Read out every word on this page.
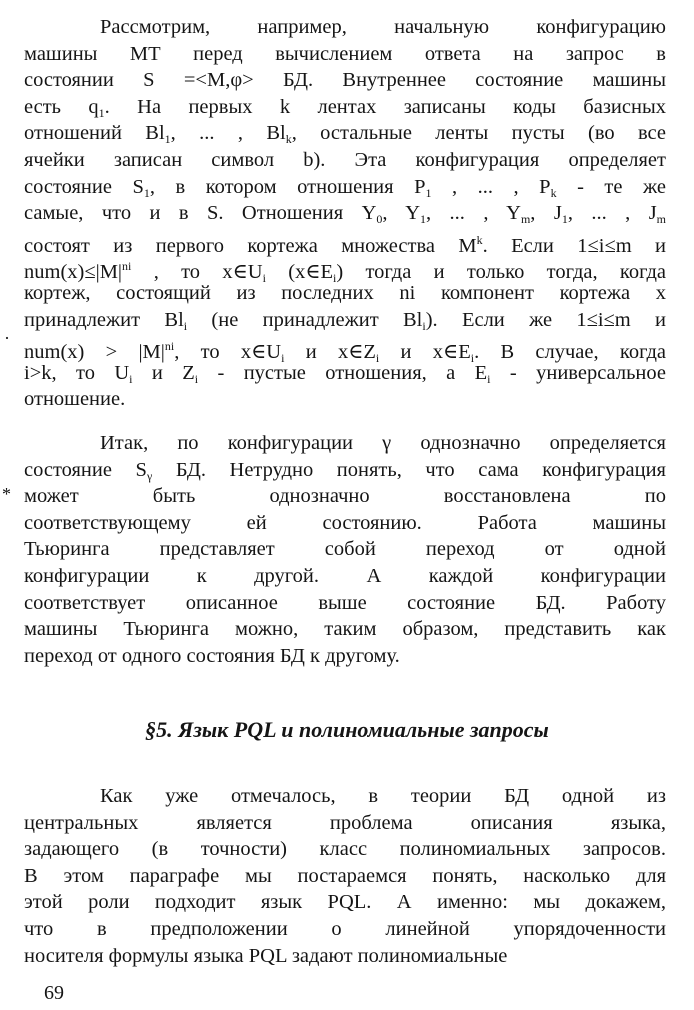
Рассмотрим, например, начальную конфигурацию
машины МТ перед вычислением ответа на запрос в
состоянии S =<M,φ> БД. Внутреннее состояние машины
есть $q_1$. На первых k лентах записаны коды базисных
отношений $Bl_1$, ... , $Bl_k$, остальные ленты пусты (во все
ячейки записан символ b). Эта конфигурация определяет
состояние $S_1$, в котором отношения $P_1$ , ... , $P_k$ - те же
самые, что и в S. Отношения $Y_0$, $Y_1$, ... , $Y_m$, $J_1$, ... , $J_m$
состоят из первого кортежа множества $M^k$. Если 1≤i≤m и
$num(x)\le|M|^{ni}$ , то $x\in U_i$ $(x\in E_i)$ тогда и только тогда, когда
кортеж, состоящий из последних ni компонент кортежа x
принадлежит $Bl_i$ (не принадлежит $Bl_i$). Если же 1≤i≤m и
$num(x) > |M|^{ni}$, то $x\in U_i$ и $x\in Z_i$ и $x\in E_i$. В случае, когда
i>k, то $U_i$ и $Z_i$ - пустые отношения, а $E_i$ - универсальное
отношение.
Итак, по конфигурации γ однозначно определяется
состояние $S_\gamma$ БД. Нетрудно понять, что сама конфигурация
может быть однозначно восстановлена по
соответствующему ей состоянию. Работа машины
Тьюринга представляет собой переход от одной
конфигурации к другой. А каждой конфигурации
соответствует описанное выше состояние БД. Работу
машины Тьюринга можно, таким образом, представить как
переход от одного состояния БД к другому.
§5. Язык PQL и полиномиальные запросы
Как уже отмечалось, в теории БД одной из
центральных является проблема описания языка,
задающего (в точности) класс полиномиальных запросов.
В этом параграфе мы постараемся понять, насколько для
этой роли подходит язык PQL. А именно: мы докажем,
что в предположении о линейной упорядоченности
носителя формулы языка PQL задают полиномиальные
69
·
*
